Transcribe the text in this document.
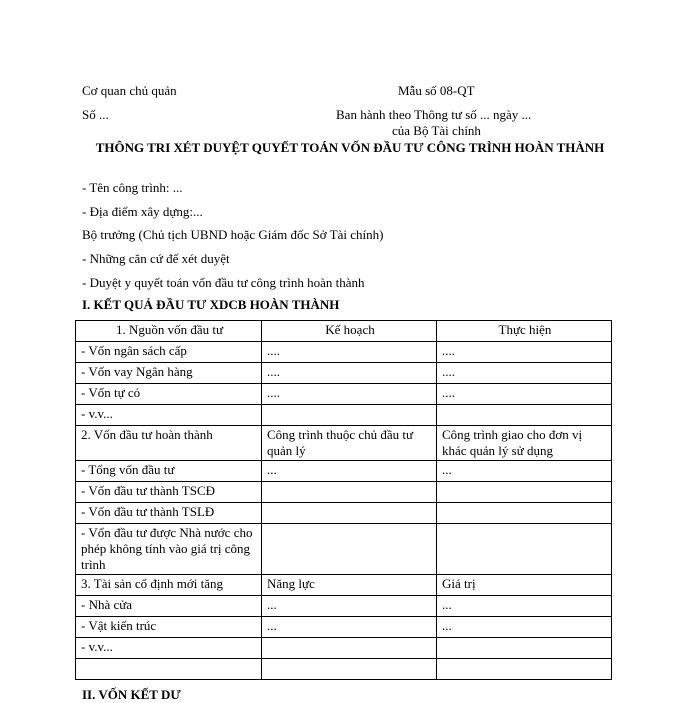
Cơ quan chủ quản	Mẫu số 08-QT
Số ...	Ban hành theo Thông tư số ... ngày ...
của Bộ Tài chính
THÔNG TRI XÉT DUYỆT QUYẾT TOÁN VỐN ĐẦU TƯ CÔNG TRÌNH HOÀN THÀNH
- Tên công trình: ...
- Địa điểm xây dựng:...
Bộ trưởng (Chủ tịch UBND hoặc Giám đốc Sở Tài chính)
- Những căn cứ để xét duyệt
- Duyệt y quyết toán vốn đầu tư công trình hoàn thành
I. KẾT QUẢ ĐẦU TƯ XDCB HOÀN THÀNH
1. Nguồn vốn đầu tư	Kế hoạch	Thực hiện
- Vốn ngân sách cấp	....	....
- Vốn vay Ngân hàng	....	....
- Vốn tự có	....	....
- v.v...		
2. Vốn đầu tư hoàn thành	Công trình thuộc chủ đầu tư quản lý	Công trình giao cho đơn vị khác quản lý sử dụng
- Tổng vốn đầu tư	...	...
- Vốn đầu tư thành TSCĐ		
- Vốn đầu tư thành TSLĐ		
- Vốn đầu tư được Nhà nước cho phép không tính vào giá trị công trình		
3. Tài sản cố định mới tăng	Năng lực	Giá trị
- Nhà cửa	...	...
- Vật kiến trúc	...	...
- v.v...		

II. VỐN KẾT DƯ
